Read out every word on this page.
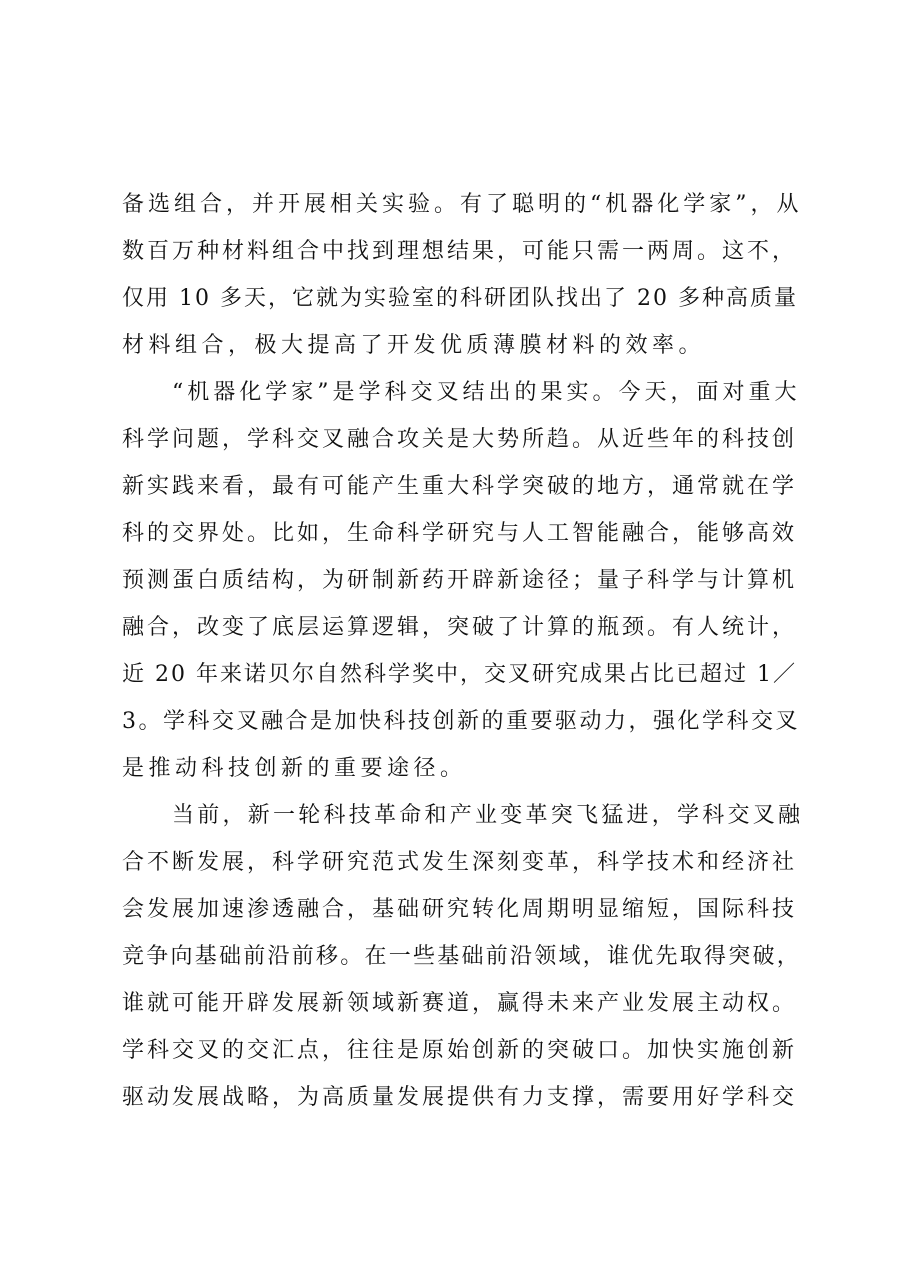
备选组合，并开展相关实验。有了聪明的“机器化学家”，从
数百万种材料组合中找到理想结果，可能只需一两周。这不，
仅用 10 多天，它就为实验室的科研团队找出了 20 多种高质量
材料组合，极大提高了开发优质薄膜材料的效率。
“机器化学家”是学科交叉结出的果实。今天，面对重大
科学问题，学科交叉融合攻关是大势所趋。从近些年的科技创
新实践来看，最有可能产生重大科学突破的地方，通常就在学
科的交界处。比如，生命科学研究与人工智能融合，能够高效
预测蛋白质结构，为研制新药开辟新途径；量子科学与计算机
融合，改变了底层运算逻辑，突破了计算的瓶颈。有人统计，
近 20 年来诺贝尔自然科学奖中，交叉研究成果占比已超过 1／
3。学科交叉融合是加快科技创新的重要驱动力，强化学科交叉
是推动科技创新的重要途径。
当前，新一轮科技革命和产业变革突飞猛进，学科交叉融
合不断发展，科学研究范式发生深刻变革，科学技术和经济社
会发展加速渗透融合，基础研究转化周期明显缩短，国际科技
竞争向基础前沿前移。在一些基础前沿领域，谁优先取得突破，
谁就可能开辟发展新领域新赛道，赢得未来产业发展主动权。
学科交叉的交汇点，往往是原始创新的突破口。加快实施创新
驱动发展战略，为高质量发展提供有力支撑，需要用好学科交
